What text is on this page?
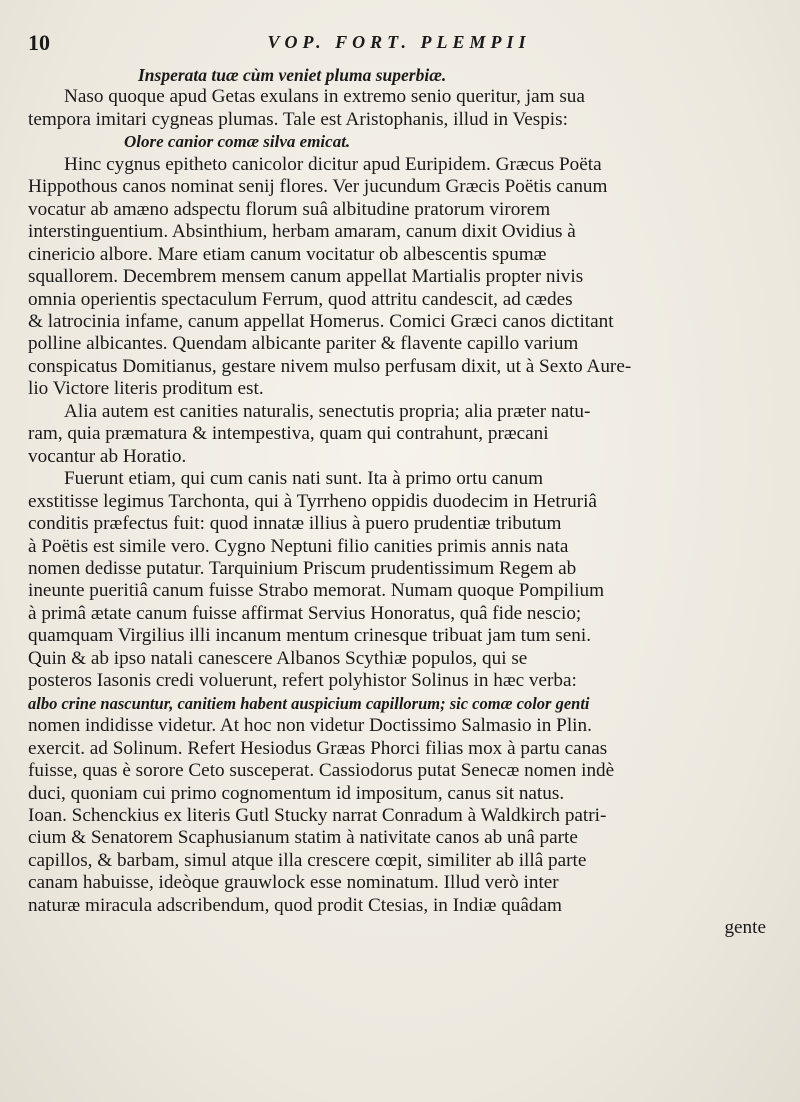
10	VOP. FORT. PLEMPII
Insperata tuæ cùm veniet pluma superbiæ.
Naso quoque apud Getas exulans in extremo senio queritur, jam sua
tempora imitari cygneas plumas. Tale est Aristophanis, illud in Vespis:
Olore canior comæ silva emicat.
Hinc cygnus epitheto canicolor dicitur apud Euripidem. Græcus Poëta
Hippothous canos nominat senij flores. Ver jucundum Græcis Poëtis canum
vocatur ab amæno adspectu florum suâ albitudine pratorum virorem
interstinguentium. Absinthium, herbam amaram, canum dixit Ovidius à
cinericio albore. Mare etiam canum vocitatur ob albescentis spumæ
squallorem. Decembrem mensem canum appellat Martialis propter nivis
omnia operientis spectaculum Ferrum, quod attritu candescit, ad cædes
& latrocinia infame, canum appellat Homerus. Comici Græci canos dictitant
polline albicantes. Quendam albicante pariter & flavente capillo varium
conspicatus Domitianus, gestare nivem mulso perfusam dixit, ut à Sexto Aure-
lio Victore literis proditum est.
Alia autem est canities naturalis, senectutis propria; alia præter natu-
ram, quia præmatura & intempestiva, quam qui contrahunt, præcani
vocantur ab Horatio.
Fuerunt etiam, qui cum canis nati sunt. Ita à primo ortu canum
exstitisse legimus Tarchonta, qui à Tyrrheno oppidis duodecim in Hetruriâ
conditis præfectus fuit: quod innatæ illius à puero prudentiæ tributum
à Poëtis est simile vero. Cygno Neptuni filio canities primis annis nata
nomen dedisse putatur. Tarquinium Priscum prudentissimum Regem ab
ineunte pueritiâ canum fuisse Strabo memorat. Numam quoque Pompilium
à primâ ætate canum fuisse affirmat Servius Honoratus, quâ fide nescio;
quamquam Virgilius illi incanum mentum crinesque tribuat jam tum seni.
Quin & ab ipso natali canescere Albanos Scythiæ populos, qui se
posteros Iasonis credi voluerunt, refert polyhistor Solinus in hæc verba:
albo crine nascuntur, canitiem habent auspicium capillorum; sic comæ color genti
nomen indidisse videtur. At hoc non videtur Doctissimo Salmasio in Plin.
exercit. ad Solinum. Refert Hesiodus Græas Phorci filias mox à partu canas
fuisse, quas è sorore Ceto susceperat. Cassiodorus putat Senecæ nomen indè
duci, quoniam cui primo cognomentum id impositum, canus sit natus.
Ioan. Schenckius ex literis Gutl Stucky narrat Conradum à Waldkirch patri-
cium & Senatorem Scaphusianum statim à nativitate canos ab unâ parte
capillos, & barbam, simul atque illa crescere cœpit, similiter ab illâ parte
canam habuisse, ideòque grauwlock esse nominatum. Illud verò inter
naturæ miracula adscribendum, quod prodit Ctesias, in Indiæ quâdam
gente
